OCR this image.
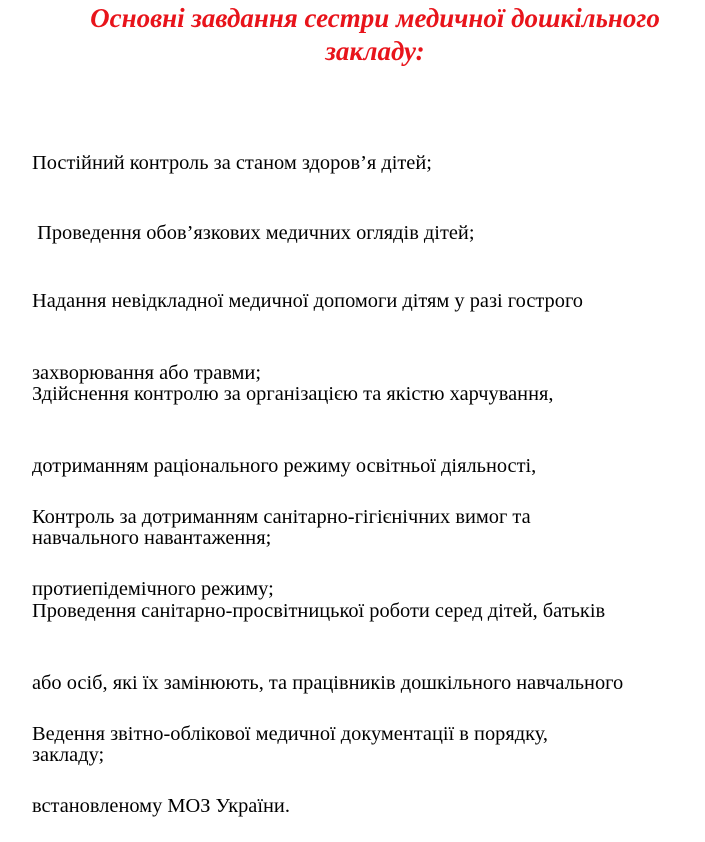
Основні завдання сестри медичної дошкільного
закладу:

Постійний контроль за станом здоров’я дітей;

Проведення обов’язкових медичних оглядів дітей;

Надання невідкладної медичної допомоги дітям у разі гострого

захворювання або травми;

Здійснення контролю за організацією та якістю харчування,

дотриманням раціонального режиму освітньої діяльності,

навчального навантаження;

Контроль за дотриманням санітарно-гігієнічних вимог та

протиепідемічного режиму;

Проведення санітарно-просвітницької роботи серед дітей, батьків

або осіб, які їх замінюють, та працівників дошкільного навчального

закладу;

Ведення звітно-облікової медичної документації в порядку,

встановленому МОЗ України.
